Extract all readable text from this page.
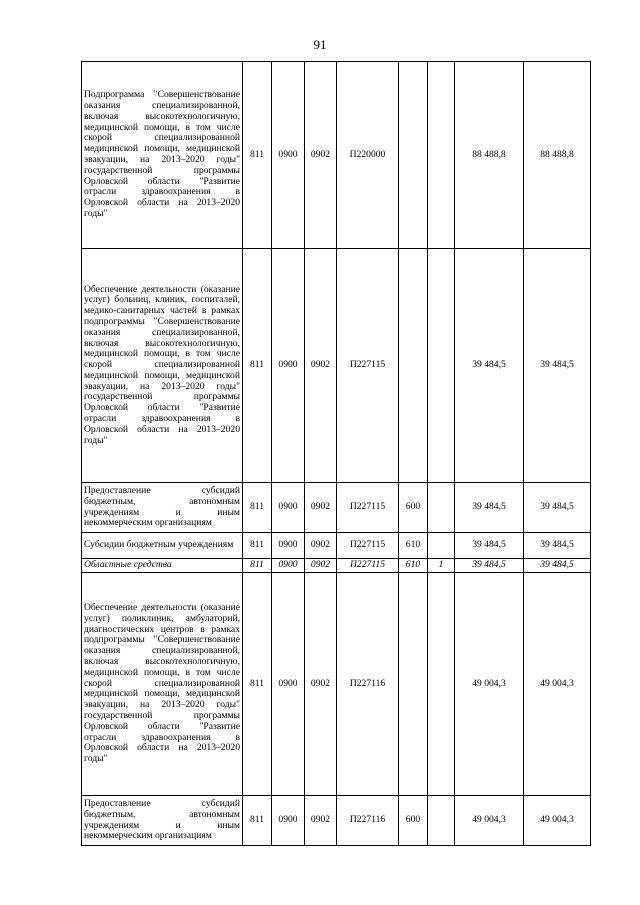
91
Подпрограмма "Совершенствование оказания специализированной, включая высокотехнологичную, медицинской помощи, в том числе скорой специализированной медицинской помощи, медицинской эвакуации, на 2013–2020 годы" государственной программы Орловской области "Развитие отрасли здравоохранения в Орловской области на 2013–2020 годы"	811	0900	0902	П220000			88 488,8	88 488,8
Обеспечение деятельности (оказание услуг) больниц, клиник, госпиталей, медико-санитарных частей в рамках подпрограммы "Совершенствование оказания специализированной, включая высокотехнологичную, медицинской помощи, в том числе скорой специализированной медицинской помощи, медицинской эвакуации, на 2013–2020 годы" государственной программы Орловской области "Развитие отрасли здравоохранения в Орловской области на 2013–2020 годы"	811	0900	0902	П227115			39 484,5	39 484,5
Предоставление субсидий бюджетным, автономным учреждениям и иным некоммерческим организациям	811	0900	0902	П227115	600		39 484,5	39 484,5
Субсидии бюджетным учреждениям	811	0900	0902	П227115	610		39 484,5	39 484,5
Областные средства	811	0900	0902	П227115	610	1	39 484,5	39 484,5
Обеспечение деятельности (оказание услуг) поликлиник, амбулаторий, диагностических центров в рамках подпрограммы "Совершенствование оказания специализированной, включая высокотехнологичную, медицинской помощи, в том числе скорой специализированной медицинской помощи, медицинской эвакуации, на 2013–2020 годы" государственной программы Орловской области "Развитие отрасли здравоохранения в Орловской области на 2013–2020 годы"	811	0900	0902	П227116			49 004,3	49 004,3
Предоставление субсидий бюджетным, автономным учреждениям и иным некоммерческим организациям	811	0900	0902	П227116	600		49 004,3	49 004,3
